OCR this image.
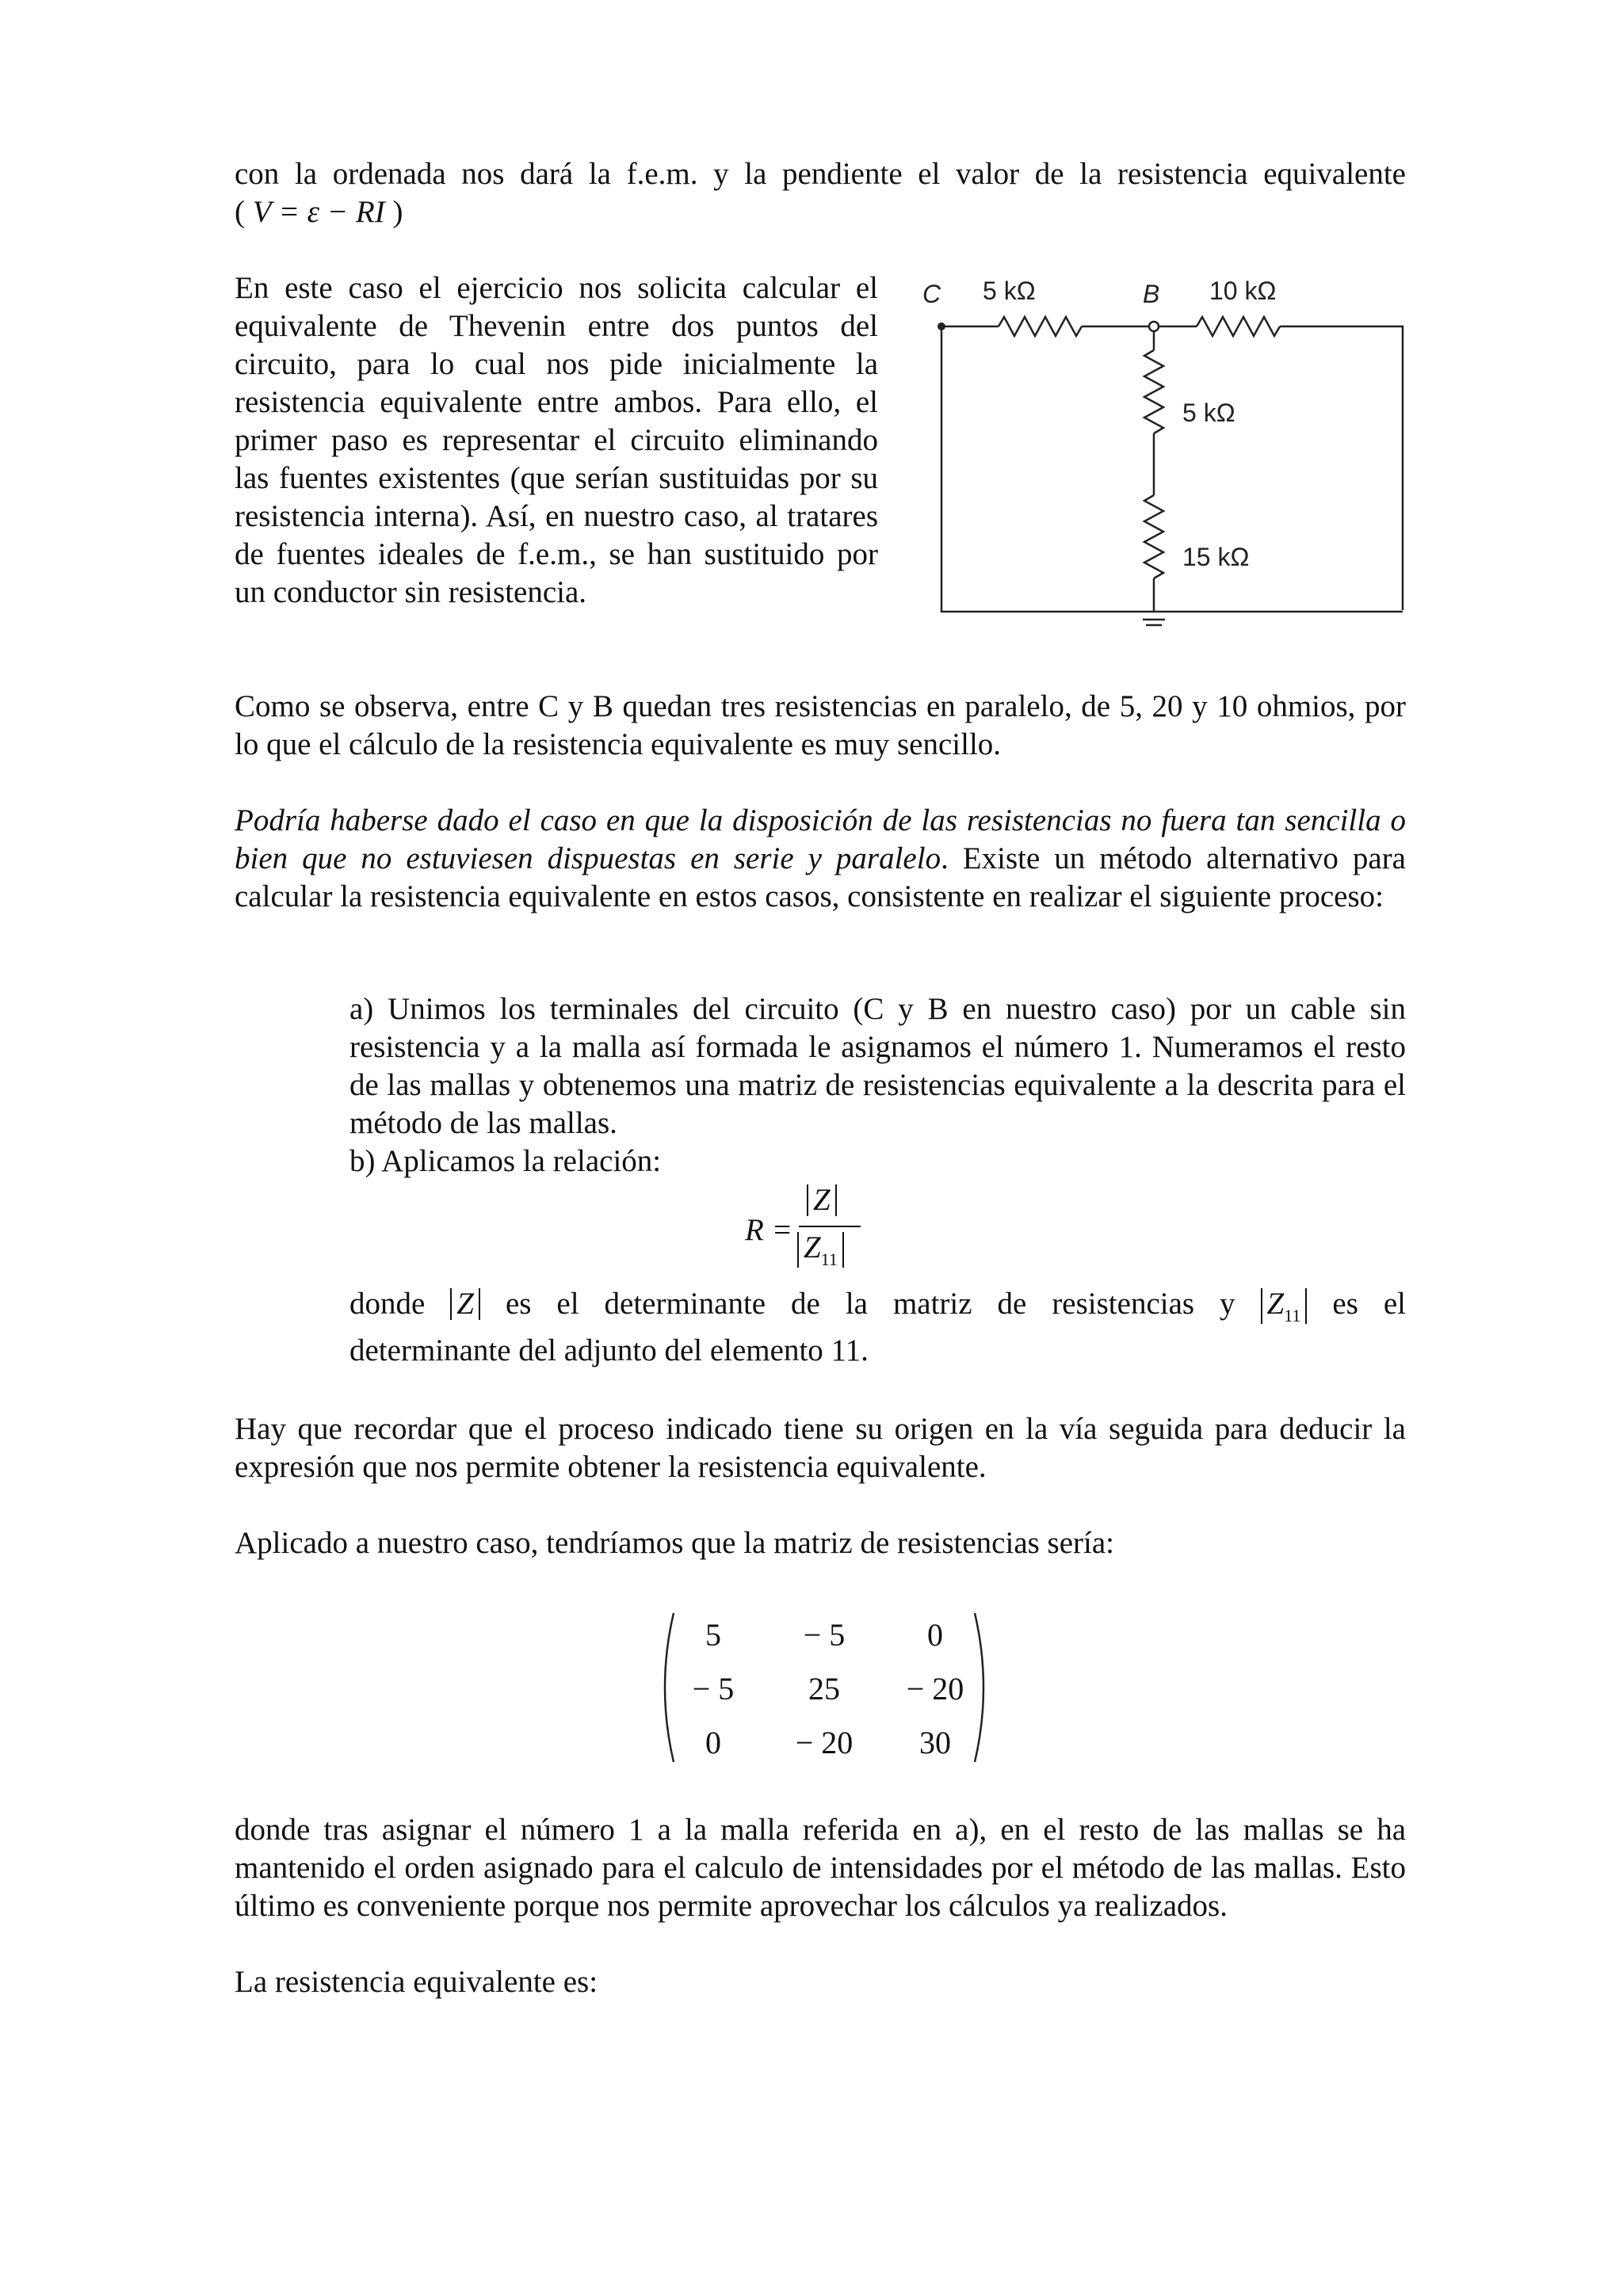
con la ordenada nos dará la f.e.m. y la pendiente el valor de la resistencia equivalente

( V = ε − RI )

En este caso el ejercicio nos solicita calcular el equivalente de Thevenin entre dos puntos del circuito, para lo cual nos pide inicialmente la resistencia equivalente entre ambos. Para ello, el primer paso es representar el circuito eliminando las fuentes existentes (que serían sustituidas por su resistencia interna). Así, en nuestro caso, al tratares de fuentes ideales de f.e.m., se han sustituido por un conductor sin resistencia.

C 5 kΩ	B 10 kΩ
5 kΩ
15 kΩ

Como se observa, entre C y B quedan tres resistencias en paralelo, de 5, 20 y 10 ohmios, por lo que el cálculo de la resistencia equivalente es muy sencillo.

Podría haberse dado el caso en que la disposición de las resistencias no fuera tan sencilla o bien que no estuviesen dispuestas en serie y paralelo. Existe un método alternativo para calcular la resistencia equivalente en estos casos, consistente en realizar el siguiente proceso:

a) Unimos los terminales del circuito (C y B en nuestro caso) por un cable sin resistencia y a la malla así formada le asignamos el número 1. Numeramos el resto de las mallas y obtenemos una matriz de resistencias equivalente a la descrita para el método de las mallas.

b) Aplicamos la relación:

R =
Z
$Z_{11}$

donde Z es el determinante de la matriz de resistencias y $Z_{11}$ es el

determinante del adjunto del elemento 11.

Hay que recordar que el proceso indicado tiene su origen en la vía seguida para deducir la expresión que nos permite obtener la resistencia equivalente.

Aplicado a nuestro caso, tendríamos que la matriz de resistencias sería:

5	− 5	0
− 5	25	− 20
0	− 20	30

donde tras asignar el número 1 a la malla referida en a), en el resto de las mallas se ha mantenido el orden asignado para el calculo de intensidades por el método de las mallas. Esto último es conveniente porque nos permite aprovechar los cálculos ya realizados.

La resistencia equivalente es:
